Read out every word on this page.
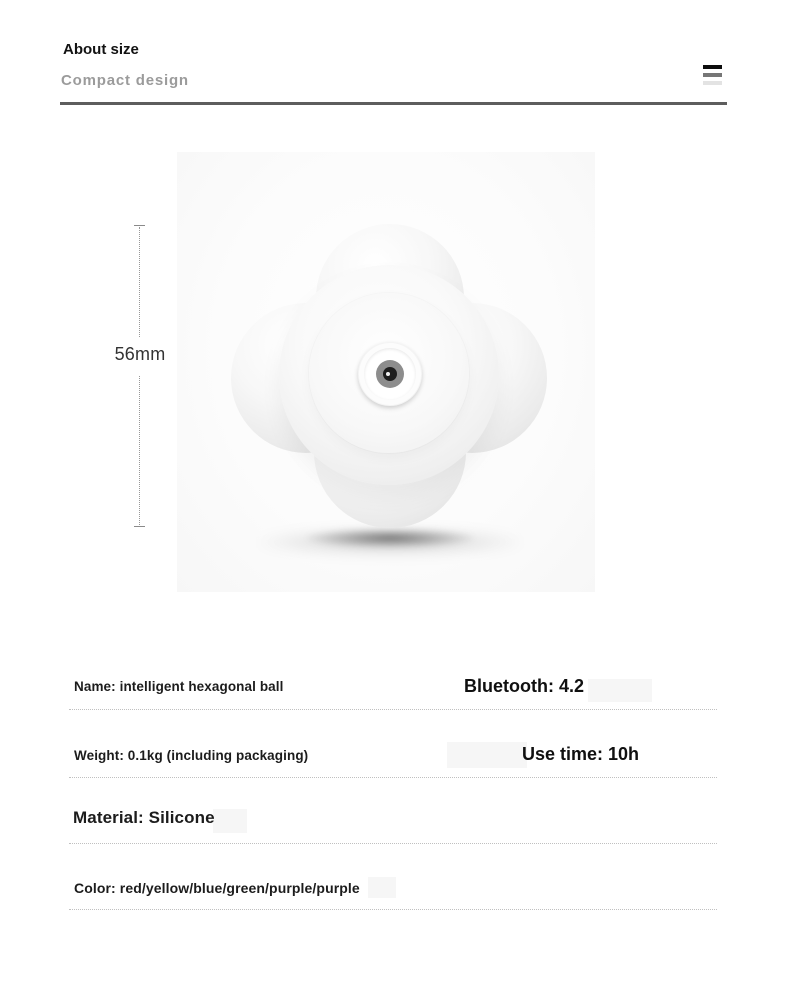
About size
Compact design
56mm
Name: intelligent hexagonal ball	Bluetooth: 4.2
Weight: 0.1kg (including packaging)	Use time: 10h
Material: Silicone
Color: red/yellow/blue/green/purple/purple
